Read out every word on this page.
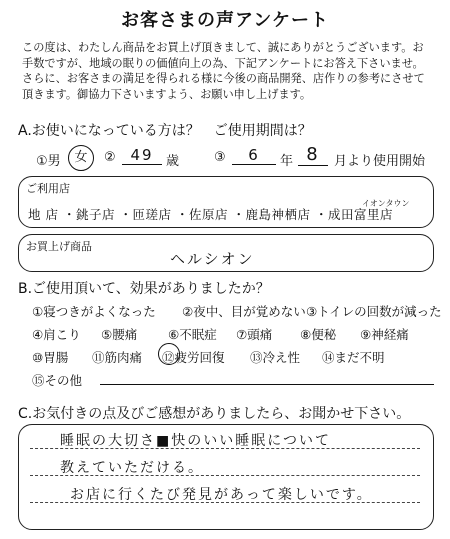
お客さまの声アンケート
この度は、わたしん商品をお買上げ頂きまして、誠にありがとうございます。お手数ですが、地域の眠りの価値向上の為、下記アンケートにお答え下さいませ。さらに、お客さまの満足を得られる様に今後の商品開発、店作りの参考にさせて頂きます。御協力下さいますよう、お願い申し上げます。
A.お使いになっている方は？　ご使用期間は？
①男	女	② 49 歳	③	6	年 8	月より使用開始
ご利用店
イオンタウン
地 店 ・銚子店 ・匝瑳店 ・佐原店 ・鹿島神栖店 ・成田富里店
お買上げ商品
ヘルシオン
B.ご使用頂いて、効果がありましたか？
①寝つきがよくなった ②夜中、目が覚めない ③トイレの回数が減った
④肩こり ⑤腰痛 ⑥不眠症 ⑦頭痛 ⑧便秘 ⑨神経痛
⑩胃腸 ⑪筋肉痛 ⑫疲労回復 ⑬冷え性 ⑭まだ不明
⑮その他
C.お気付きの点及びご感想がありましたら、お聞かせ下さい。
睡眠の大切さ■快のいい睡眠について
教えていただける。
お店に行くたび発見があって楽しいです。
